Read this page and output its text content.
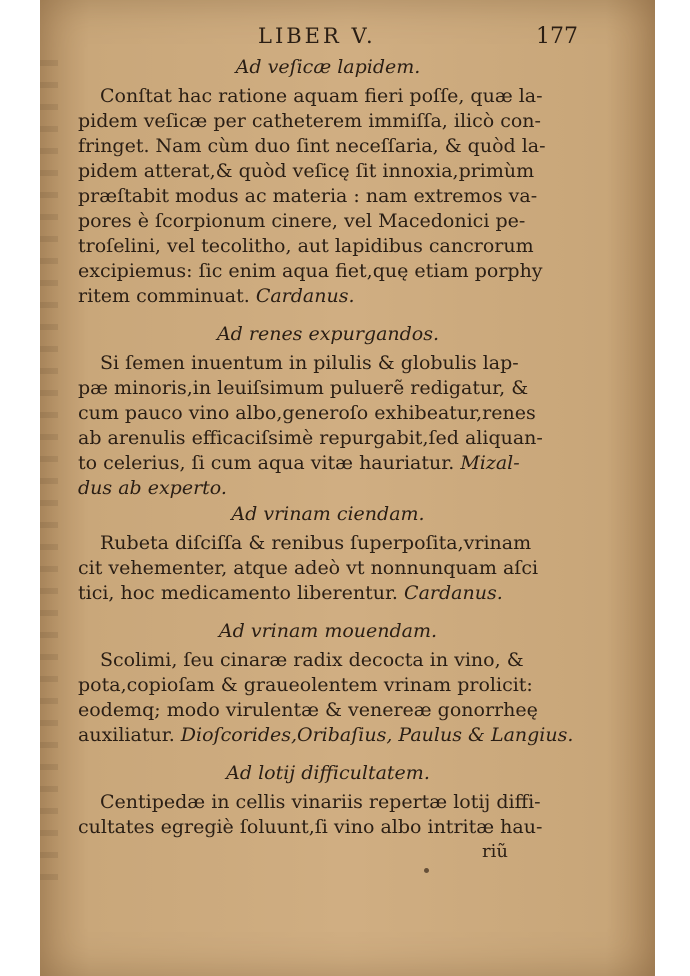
LIBER V.	177
Ad veſicæ lapidem.

Conſtat hac ratione aquam fieri poſſe, quæ la-
pidem veſicæ per catheterem immiſſa, ilicò con-
fringet. Nam cùm duo ſint neceſſaria, & quòd la-
pidem atterat,& quòd veſicę ſit innoxia,primùm
præſtabit modus ac materia : nam extremos va-
pores è ſcorpionum cinere, vel Macedonici pe-
troſelini, vel tecolitho, aut lapidibus cancrorum
excipiemus: ſic enim aqua fiet,quę etiam porphy
ritem comminuat. Cardanus.

Ad renes expurgandos.

Si ſemen inuentum in pilulis & globulis lap-
pæ minoris,in leuiſsimum puluerẽ redigatur, &
cum pauco vino albo,generoſo exhibeatur,renes
ab arenulis efficaciſsimè repurgabit,ſed aliquan-
to celerius, ſi cum aqua vitæ hauriatur. Mizal-
dus ab experto.

Ad vrinam ciendam.

Rubeta diſciſſa & renibus ſuperpoſita,vrinam
cit vehementer, atque adeò vt nonnunquam aſci
tici, hoc medicamento liberentur. Cardanus.

Ad vrinam mouendam.

Scolimi, ſeu cinaræ radix decocta in vino, &
pota,copioſam & graueolentem vrinam prolicit:
eodemq; modo virulentæ & venereæ gonorrheę
auxiliatur. Dioſcorides,Oribaſius, Paulus & Langius.

Ad lotij difficultatem.

Centipedæ in cellis vinariis repertæ lotij diffi-
cultates egregiè ſoluunt,ſi vino albo intritæ hau-

riũ
